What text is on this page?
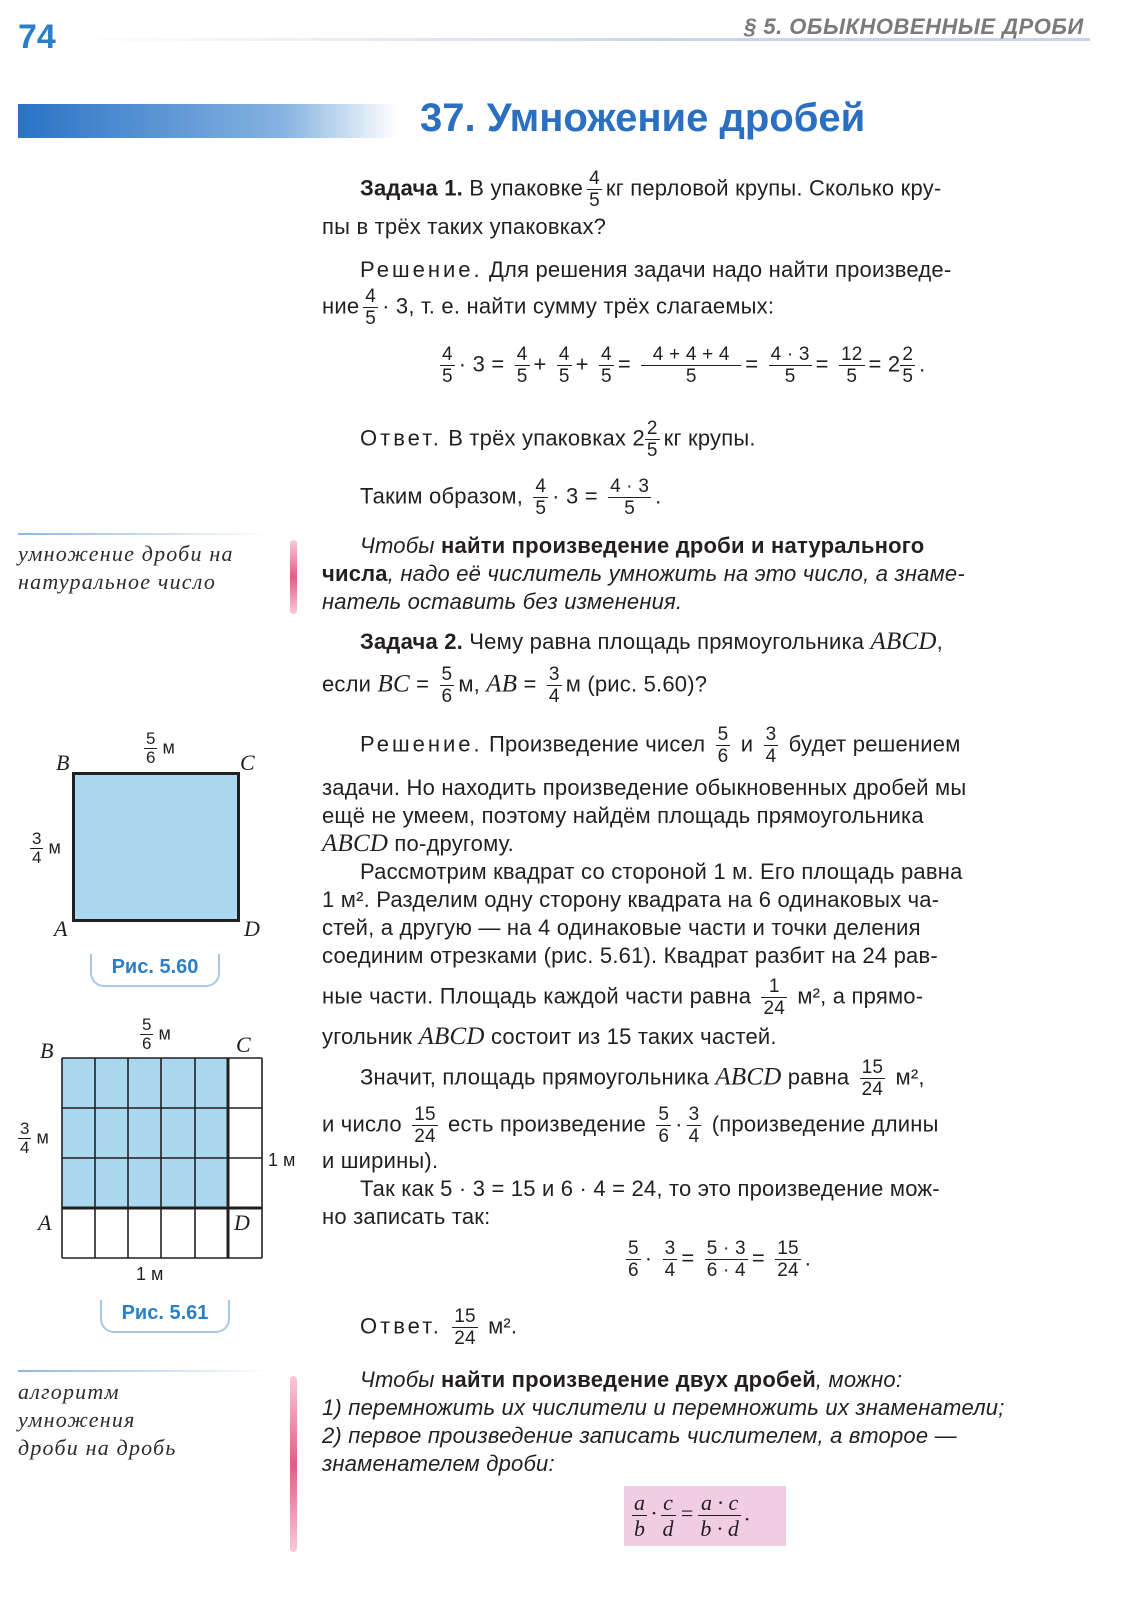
74	§ 5. ОБЫКНОВЕННЫЕ ДРОБИ
37. Умножение дробей
Задача 1. В упаковке $\frac{4}{5}$ кг перловой крупы. Сколько кру-
пы в трёх таких упаковках?
Решение. Для решения задачи надо найти произведе-
ние $\frac{4}{5} \cdot 3$, т. е. найти сумму трёх слагаемых:
$\frac{4}{5} \cdot 3 = \frac{4}{5} + \frac{4}{5} + \frac{4}{5} = \frac{4 + 4 + 4}{5} = \frac{4 \cdot 3}{5} = \frac{12}{5} = 2 \frac{2}{5}$ .
Ответ. В трёх упаковках $2 \frac{2}{5}$ кг крупы.
Таким образом, $\frac{4}{5} \cdot 3 = \frac{4 \cdot 3}{5}$ .
умножение дроби на натуральное число
Чтобы найти произведение дроби и натурального
числа, надо её числитель умножить на это число, а знаме-
натель оставить без изменения.
Задача 2. Чему равна площадь прямоугольника ABCD,
если BC = $\frac{5}{6} м$, AB = $\frac{3}{4}$ м (рис. 5.60)?
Решение. Произведение чисел $\frac{5}{6}$ и $\frac{3}{4}$ будет решением
задачи. Но находить произведение обыкновенных дробей мы
ещё не умеем, поэтому найдём площадь прямоугольника
ABCD по-другому.
Рассмотрим квадрат со стороной 1 м. Его площадь равна
1 м². Разделим одну сторону квадрата на 6 одинаковых ча-
стей, а другую — на 4 одинаковые части и точки деления
соединим отрезками (рис. 5.61). Квадрат разбит на 24 рав-
ные части. Площадь каждой части равна $\frac{1}{24} м^2$, а прямо-
угольник ABCD состоит из 15 таких частей.
Значит, площадь прямоугольника ABCD равна $\frac{15}{24} м^2$,
и число $\frac{15}{24}$ есть произведение $\frac{5}{6} \cdot \frac{3}{4}$ (произведение длины
и ширины).
Так как 5 · 3 = 15 и 6 · 4 = 24, то это произведение мож-
но записать так:
$\frac{5}{6} \cdot \frac{3}{4} = \frac{5 \cdot 3}{6 \cdot 4} = \frac{15}{24}$ .
Ответ. $\frac{15}{24} м^2$.
алгоритм
умножения
дроби на дробь
Чтобы найти произведение двух дробей, можно:
1) перемножить их числители и перемножить их знаменатели;
2) первое произведение записать числителем, а второе —
знаменателем дроби:
$\frac{a}{b} \cdot \frac{c}{d} = \frac{a \cdot c}{b \cdot d}$ .
B	C
A	D
$\frac{5}{6}$ м
$\frac{3}{4}$ м
Рис. 5.60
B	C
A	D
$\frac{5}{6}$ м
$\frac{3}{4}$ м
1 м
1 м
Рис. 5.61
